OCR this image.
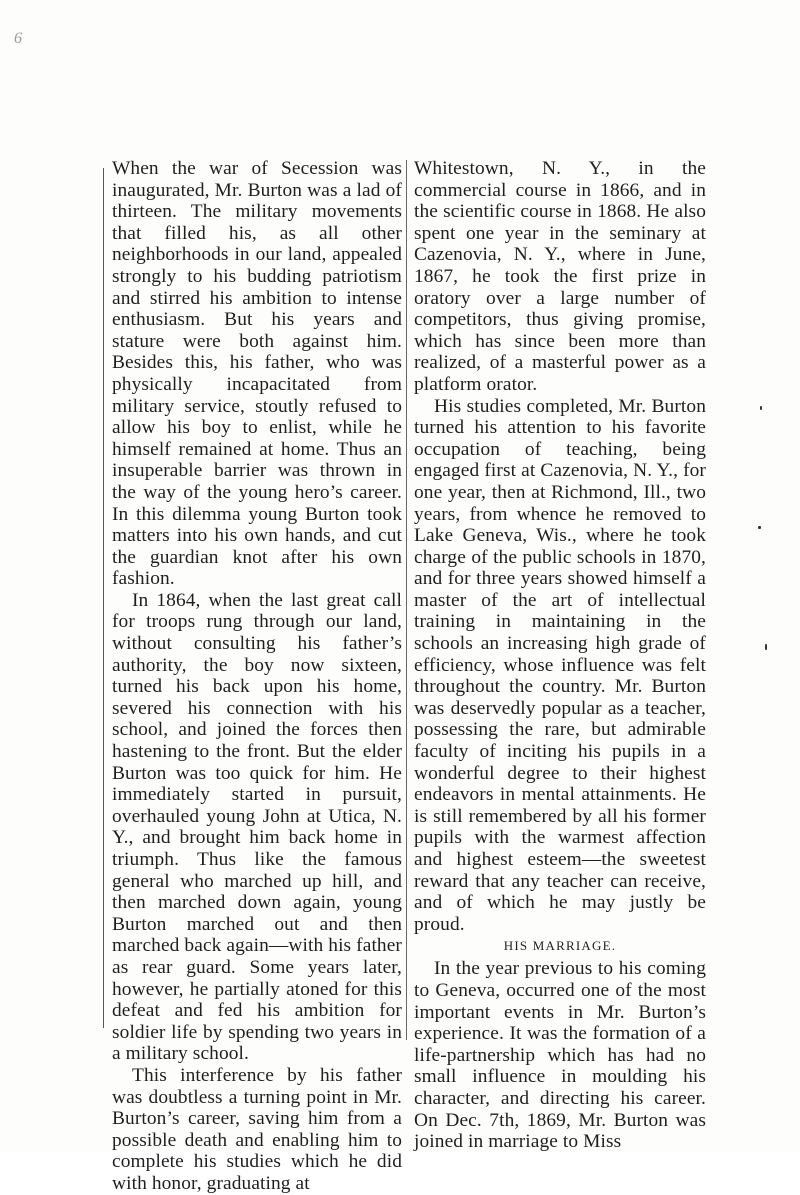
6

When the war of Secession was inaugurated, Mr. Burton was a lad of thirteen. The military movements that filled his, as all other neighborhoods in our land, appealed strongly to his budding patriotism and stirred his ambition to intense enthusiasm. But his years and stature were both against him. Besides this, his father, who was physically incapacitated from military service, stoutly refused to allow his boy to enlist, while he himself remained at home. Thus an insuperable barrier was thrown in the way of the young hero’s career. In this dilemma young Burton took matters into his own hands, and cut the guardian knot after his own fashion.

In 1864, when the last great call for troops rung through our land, without consulting his father’s authority, the boy now sixteen, turned his back upon his home, severed his connection with his school, and joined the forces then hastening to the front. But the elder Burton was too quick for him. He immediately started in pursuit, overhauled young John at Utica, N. Y., and brought him back home in triumph. Thus like the famous general who marched up hill, and then marched down again, young Burton marched out and then marched back again—with his father as rear guard. Some years later, however, he partially atoned for this defeat and fed his ambition for soldier life by spending two years in a military school.

This interference by his father was doubtless a turning point in Mr. Burton’s career, saving him from a possible death and enabling him to complete his studies which he did with honor, graduating at

Whitestown, N. Y., in the commercial course in 1866, and in the scientific course in 1868. He also spent one year in the seminary at Cazenovia, N. Y., where in June, 1867, he took the first prize in oratory over a large number of competitors, thus giving promise, which has since been more than realized, of a masterful power as a platform orator.

His studies completed, Mr. Burton turned his attention to his favorite occupation of teaching, being engaged first at Cazenovia, N. Y., for one year, then at Richmond, Ill., two years, from whence he removed to Lake Geneva, Wis., where he took charge of the public schools in 1870, and for three years showed himself a master of the art of intellectual training in maintaining in the schools an increasing high grade of efficiency, whose influence was felt throughout the country. Mr. Burton was deservedly popular as a teacher, possessing the rare, but admirable faculty of inciting his pupils in a wonderful degree to their highest endeavors in mental attainments. He is still remembered by all his former pupils with the warmest affection and highest esteem—the sweetest reward that any teacher can receive, and of which he may justly be proud.

HIS MARRIAGE.

In the year previous to his coming to Geneva, occurred one of the most important events in Mr. Burton’s experience. It was the formation of a life-partnership which has had no small influence in moulding his character, and directing his career. On Dec. 7th, 1869, Mr. Burton was joined in marriage to Miss
